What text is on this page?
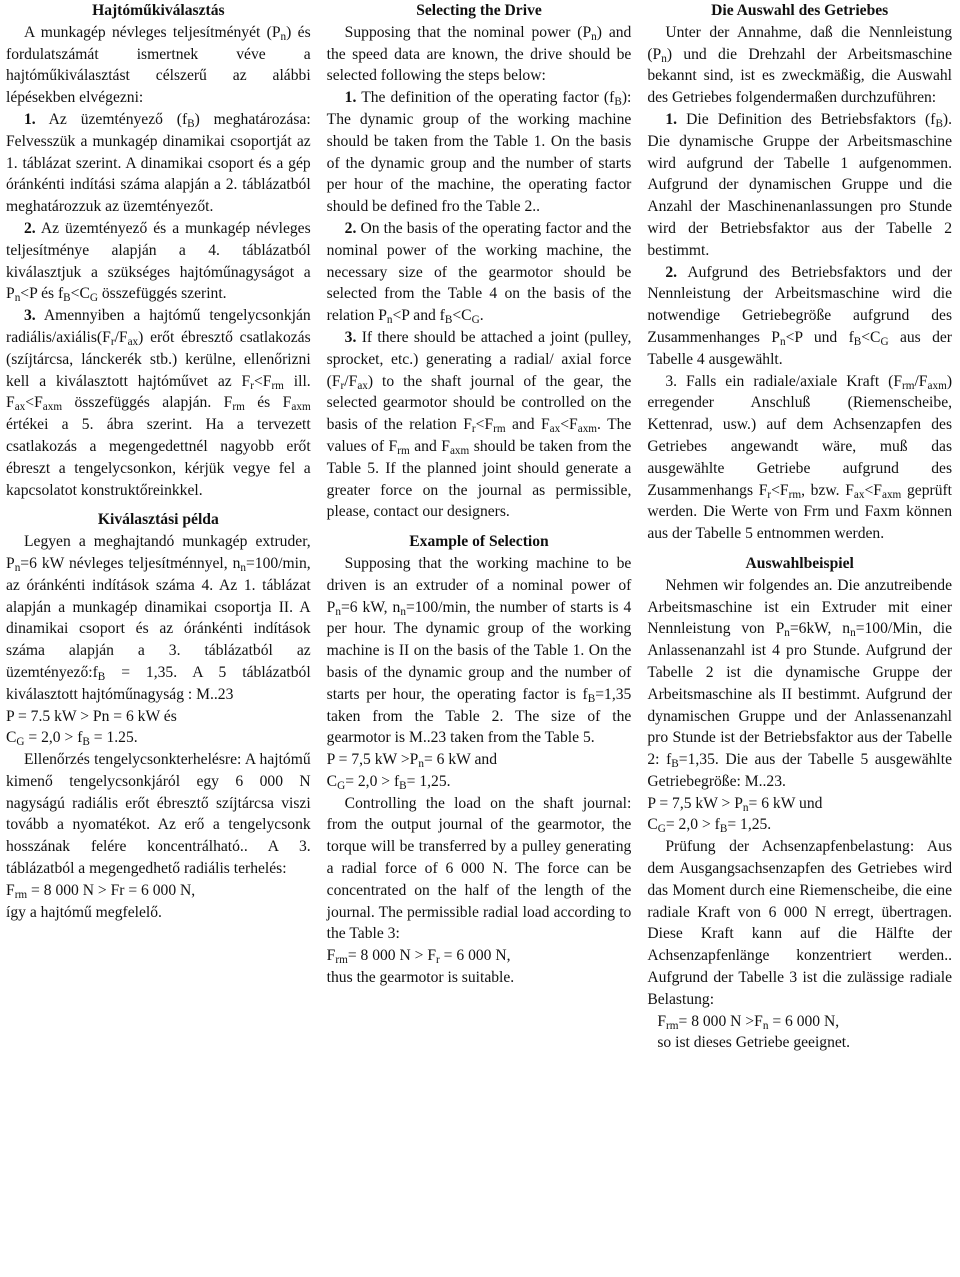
Hajtóműkiválasztás

A munkagép névleges teljesítményét $(P_n)$ és fordulatszámát ismertnek véve a hajtóműkiválasztást célszerű az alábbi lépésekben elvégezni:

1. Az üzemtényező $(f_B)$ meghatározása: Felvesszük a munkagép dinamikai csoportját az 1. táblázat szerint. A dinamikai csoport és a gép óránkénti indítási száma alapján a 2. táblázatból meghatározzuk az üzemtényezőt.

2. Az üzemtényező és a munkagép névleges teljesítménye alapján a 4. táblázatból kiválasztjuk a szükséges hajtóműnagyságot a $P_n<P$ és $f_B<C_G$ összefüggés szerint.

3. Amennyiben a hajtómű tengelycsonkján radiális/$axiális(F_r/F_{ax})$ erőt ébresztő csatlakozás (szíjtárcsa, lánckerék stb.) kerülne, ellenőrizni kell a kiválasztott hajtóművet az $F_r<F_{rm}$ ill. $F_{ax}<F_{axm}$ összefüggés alapján. $F_{rm}$ és $F_{axm}$ értékei a 5. ábra szerint. Ha a tervezett csatlakozás a megengedettnél nagyobb erőt ébreszt a tengelycsonkon, kérjük vegye fel a kapcsolatot konstruktőreinkkel.

Kiválasztási példa

Legyen a meghajtandó munkagép extruder, $P_n=6$ kW névleges teljesítménnyel, $n_n=100/\min$, az óránkénti indítások száma 4. Az 1. táblázat alapján a munkagép dinamikai csoportja II. A dinamikai csoport és az óránkénti indítások száma alapján a 3. táblázatból az $üzemtényező:f_B = 1,35$. A 5 táblázatból kiválasztott hajtóműnagyság : M..23

P = 7.5 kW > Pn = 6 kW és

$C_G = 2,0 > f_B = 1.25$.

Ellenőrzés tengelycsonkterhelésre: A hajtómű kimenő tengelycsonkjáról egy 6 000 N nagyságú radiális erőt ébresztő szíjtárcsa viszi tovább a nyomatékot. Az erő a tengelycsonk hosszának felére koncentrálható.. A 3. táblázatból a megengedhető radiális terhelés:

$F_{rm} = 8$ 000 N > Fr = 6 000 N,

így a hajtómű megfelelő.

Selecting the Drive

Supposing that the nominal power $(P_n)$ and the speed data are known, the drive should be selected following the steps below:

1. The definition of the operating factor $(f_B)$: The dynamic group of the working machine should be taken from the Table 1. On the basis of the dynamic group and the number of starts per hour of the machine, the operating factor should be defined fro the Table 2..

2. On the basis of the operating factor and the nominal power of the working machine, the necessary size of the gearmotor should be selected from the Table 4 on the basis of the relation $P_n<P$ and $f_B<C_G$.

3. If there should be attached a joint (pulley, sprocket, etc.) generating a radial/ axial force $(F_r/F_{ax})$ to the shaft journal of the gear, the selected gearmotor should be controlled on the basis of the relation $F_r<F_{rm}$ and $F_{ax}<F_{axm}$. The values of $F_{rm}$ and $F_{axm}$ should be taken from the Table 5. If the planned joint should generate a greater force on the journal as permissible, please, contact our designers.

Example of Selection

Supposing that the working machine to be driven is an extruder of a nominal power of $P_n=6$ kW, $n_n=100/\min$, the number of starts is 4 per hour. The dynamic group of the working machine is II on the basis of the Table 1. On the basis of the dynamic group and the number of starts per hour, the operating factor is $f_B=1,35$ taken from the Table 2. The size of the gearmotor is M..23 taken from the Table 5.

P = 7,5 kW $>P_n= 6$ kW and

$C_G= 2,0 > f_B= 1,25$.

Controlling the load on the shaft journal: from the output journal of the gearmotor, the torque will be transferred by a pulley generating a radial force of 6 000 N. The force can be concentrated on the half of the length of the journal. The permissible radial load according to the Table 3:

$F_{rm}= 8$ 000 $N > F_r = 6$ 000 N,

thus the gearmotor is suitable.

Die Auswahl des Getriebes

Unter der Annahme, daß die Nennleistung $(P_n)$ und die Drehzahl der Arbeitsmaschine bekannt sind, ist es zweckmäßig, die Auswahl des Getriebes folgendermaßen durchzuführen:

1. Die Definition des Betriebsfaktors $(f_B)$. Die dynamische Gruppe der Arbeitsmaschine wird aufgrund der Tabelle 1 aufgenommen. Aufgrund der dynamischen Gruppe und die Anzahl der Maschinenanlassungen pro Stunde wird der Betriebsfaktor aus der Tabelle 2 bestimmt.

2. Aufgrund des Betriebsfaktors und der Nennleistung der Arbeitsmaschine wird die notwendige Getriebegröße aufgrund des Zusammenhanges $P_n<P$ und $f_B<C_G$ aus der Tabelle 4 ausgewählt.

3. Falls ein radiale/axiale Kraft $(F_{rm}/F_{axm})$ erregender Anschluß (Riemenscheibe, Kettenrad, usw.) auf dem Achsenzapfen des Getriebes angewandt wäre, muß das ausgewählte Getriebe aufgrund des Zusammenhangs $F_r<F_{rm}$, bzw. $F_{ax}<F_{axm}$ geprüft werden. Die Werte von Frm und Faxm können aus der Tabelle 5 entnommen werden.

Auswahlbeispiel

Nehmen wir folgendes an. Die anzutreibende Arbeitsmaschine ist ein Extruder mit einer Nennleistung von $P_n=6kW$, $n_n=100$/Min, die Anlassenanzahl ist 4 pro Stunde. Aufgrund der Tabelle 2 ist die dynamische Gruppe der Arbeitsmaschine als II bestimmt. Aufgrund der dynamischen Gruppe und der Anlassenanzahl pro Stunde ist der Betriebsfaktor aus der Tabelle 2: $f_B=1,35$. Die aus der Tabelle 5 ausgewählte Getriebegröße: M..23.

P = 7,5 kW > $P_n= 6$ kW und

$C_G= 2,0 > f_B= 1,25$.

Prüfung der Achsenzapfenbelastung: Aus dem Ausgangsachsenzapfen des Getriebes wird das Moment durch eine Riemenscheibe, die eine radiale Kraft von 6 000 N erregt, übertragen. Diese Kraft kann auf die Hälfte der Achsenzapfenlänge konzentriert werden.. Aufgrund der Tabelle 3 ist die zulässige radiale Belastung:

$F_{rm}= 8$ 000 $N >F_n = 6$ 000 N,

so ist dieses Getriebe geeignet.
